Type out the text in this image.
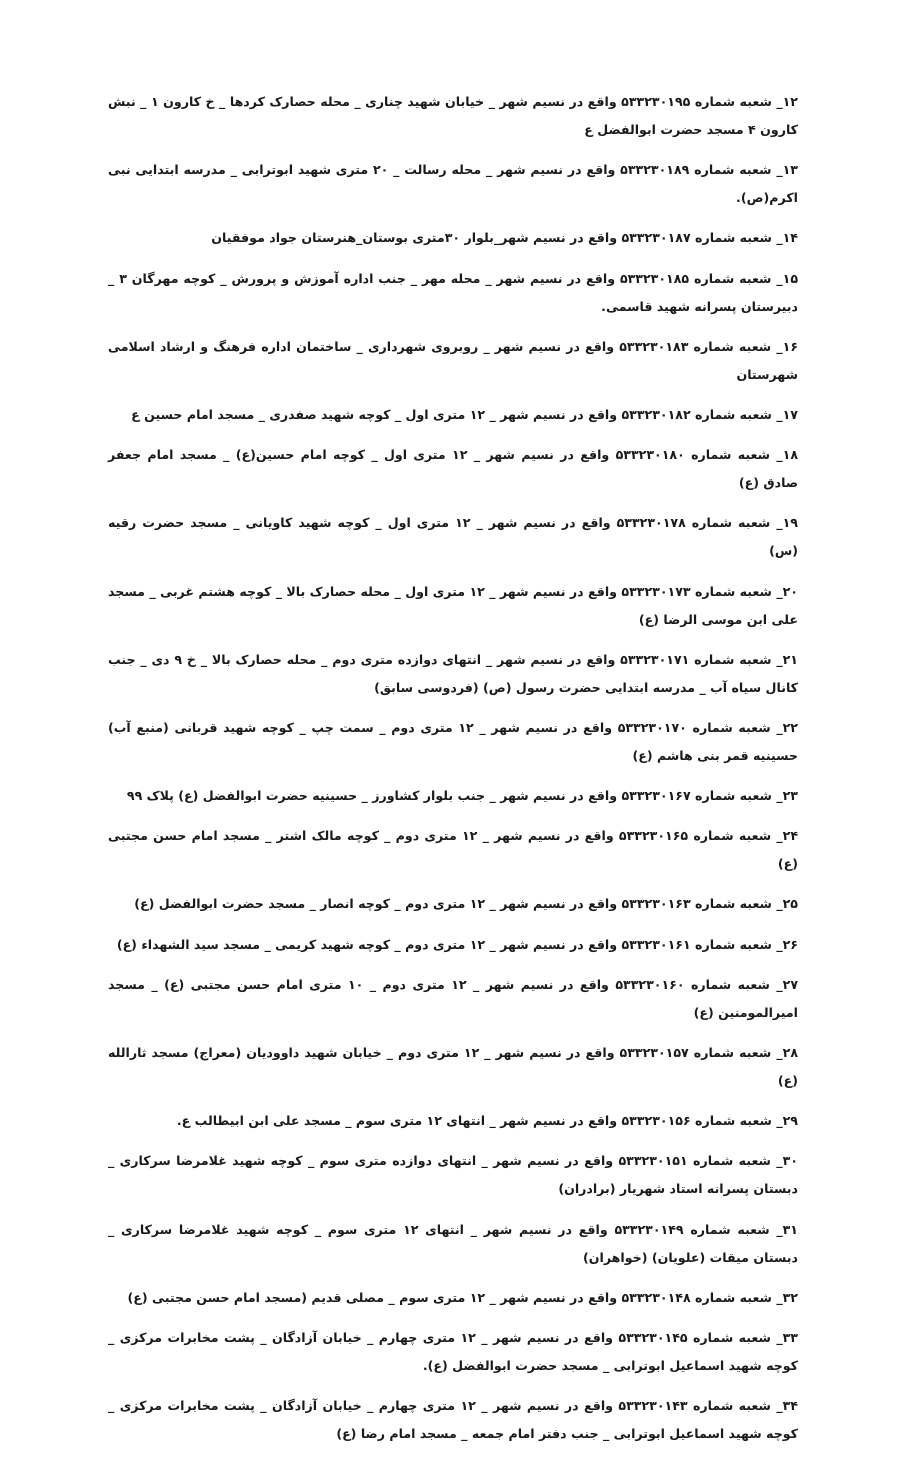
۱۲_ شعبه شماره ۵۳۳۲۳۰۱۹۵ واقع در نسیم شهر _ خیابان شهید چناری _ محله حصارک کردها _ خ کارون ۱ _ نبش کارون ۴ مسجد حضرت ابوالفضل ع

۱۳_ شعبه شماره ۵۳۳۲۳۰۱۸۹ واقع در نسیم شهر _ محله رسالت _ ۲۰ متری شهید ابوترابی _ مدرسه ابتدایی نبی اکرم(ص).

۱۴_ شعبه شماره ۵۳۳۲۳۰۱۸۷ واقع در نسیم شهر_بلوار ۳۰متری بوستان_هنرستان جواد موفقیان

۱۵_ شعبه شماره ۵۳۳۲۳۰۱۸۵ واقع در نسیم شهر _ محله مهر _ جنب اداره آموزش و پرورش _ کوچه مهرگان ۳ _ دبیرستان پسرانه شهید قاسمی.

۱۶_ شعبه شماره ۵۳۳۲۳۰۱۸۳ واقع در نسیم شهر _ روبروی شهرداری _ ساختمان اداره فرهنگ و ارشاد اسلامی شهرستان

۱۷_ شعبه شماره ۵۳۳۲۳۰۱۸۲ واقع در نسیم شهر _ ۱۲ متری اول _ کوچه شهید صفدری _ مسجد امام حسین ع

۱۸_ شعبه شماره ۵۳۳۲۳۰۱۸۰ واقع در نسیم شهر _ ۱۲ متری اول _ کوچه امام حسین(ع) _ مسجد امام جعفر صادق (ع)

۱۹_ شعبه شماره ۵۳۳۲۳۰۱۷۸ واقع در نسیم شهر _ ۱۲ متری اول _ کوچه شهید کاویانی _ مسجد حضرت رقیه (س)

۲۰_ شعبه شماره ۵۳۳۲۳۰۱۷۳ واقع در نسیم شهر _ ۱۲ متری اول _ محله حصارک بالا _ کوچه هشتم غربی _ مسجد علی ابن موسی الرضا (ع)

۲۱_ شعبه شماره ۵۳۳۲۳۰۱۷۱ واقع در نسیم شهر _ انتهای دوازده متری دوم _ محله حصارک بالا _ خ ۹ دی _ جنب کانال سیاه آب _ مدرسه ابتدایی حضرت رسول (ص) (فردوسی سابق)

۲۲_ شعبه شماره ۵۳۳۲۳۰۱۷۰ واقع در نسیم شهر _ ۱۲ متری دوم _ سمت چپ _ کوچه شهید قربانی (منبع آب) حسینیه قمر بنی هاشم (ع)

۲۳_ شعبه شماره ۵۳۳۲۳۰۱۶۷ واقع در نسیم شهر _ جنب بلوار کشاورز _ حسینیه حضرت ابوالفضل (ع) پلاک ۹۹

۲۴_ شعبه شماره ۵۳۳۲۳۰۱۶۵ واقع در نسیم شهر _ ۱۲ متری دوم _ کوچه مالک اشتر _ مسجد امام حسن مجتبی (ع)

۲۵_ شعبه شماره ۵۳۳۲۳۰۱۶۳ واقع در نسیم شهر _ ۱۲ متری دوم _ کوچه انصار _ مسجد حضرت ابوالفضل (ع)

۲۶_ شعبه شماره ۵۳۳۲۳۰۱۶۱ واقع در نسیم شهر _ ۱۲ متری دوم _ کوچه شهید کریمی _ مسجد سید الشهدا‌ء (ع)

۲۷_ شعبه شماره ۵۳۳۲۳۰۱۶۰ واقع در نسیم شهر _ ۱۲ متری دوم _ ۱۰ متری امام حسن مجتبی (ع) _ مسجد امیرالمومنین (ع)

۲۸_ شعبه شماره ۵۳۳۲۳۰۱۵۷ واقع در نسیم شهر _ ۱۲ متری دوم _ خیابان شهید داوودیان (معراج) مسجد ثارالله (ع)

۲۹_ شعبه شماره ۵۳۳۲۳۰۱۵۶ واقع در نسیم شهر _ انتهای ۱۲ متری سوم _ مسجد علی ابن ابیطالب ع.

۳۰_ شعبه شماره ۵۳۳۲۳۰۱۵۱ واقع در نسیم شهر _ انتهای دوازده متری سوم _ کوچه شهید غلامرضا سرکاری _ دبستان پسرانه استاد شهریار (برادران)

۳۱_ شعبه شماره ۵۳۳۲۳۰۱۴۹ واقع در نسیم شهر _ انتهای ۱۲ متری سوم _ کوچه شهید غلامرضا سرکاری _ دبستان میقات (علویان) (خواهران)

۳۲_ شعبه شماره ۵۳۳۲۳۰۱۴۸ واقع در نسیم شهر _ ۱۲ متری سوم _ مصلی قدیم (مسجد امام حسن مجتبی (ع)

۳۳_ شعبه شماره ۵۳۳۲۳۰۱۴۵ واقع در نسیم شهر _ ۱۲ متری چهارم _ خیابان آزادگان _ پشت مخابرات مرکزی _ کوچه شهید اسماعیل ابوترابی _ مسجد حضرت ابوالفضل (ع).

۳۴_ شعبه شماره ۵۳۳۲۳۰۱۴۳ واقع در نسیم شهر _ ۱۲ متری چهارم _ خیابان آزادگان _ پشت مخابرات مرکزی _ کوچه شهید اسماعیل ابوترابی _ جنب دفتر امام جمعه _ مسجد امام رضا (ع)
